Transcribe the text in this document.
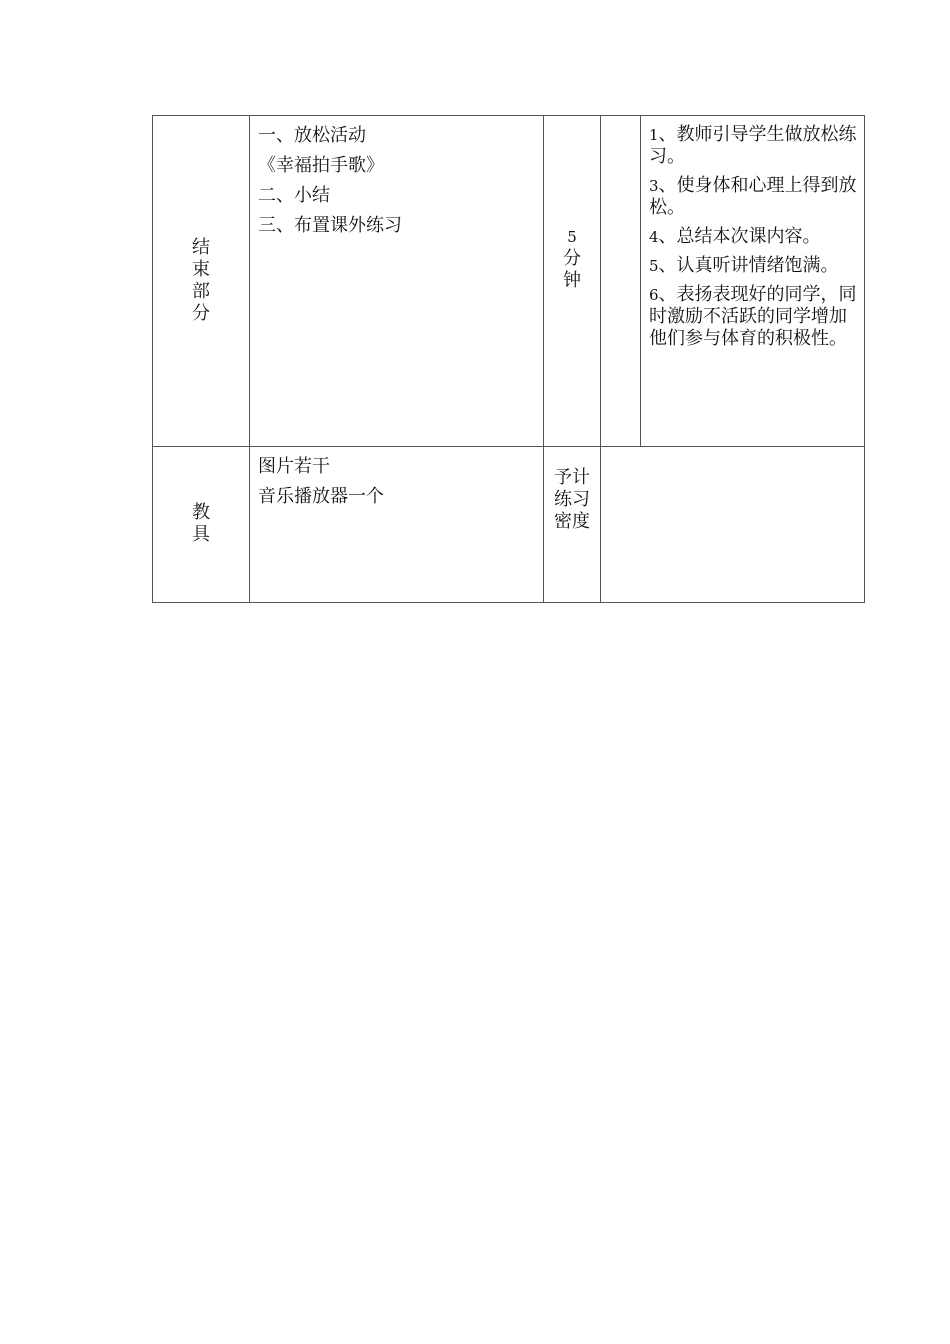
结束部分	一、放松活动
《幸福拍手歌》
二、小结
三、布置课外练习	5
分钟		1、教师引导学生做放松练习。
3、使身体和心理上得到放松。
4、总结本次课内容。
5、认真听讲情绪饱满。
6、表扬表现好的同学，同时激励不活跃的同学增加他们参与体育的积极性。

教具	图片若干
音乐播放器一个	予计练习密度		
